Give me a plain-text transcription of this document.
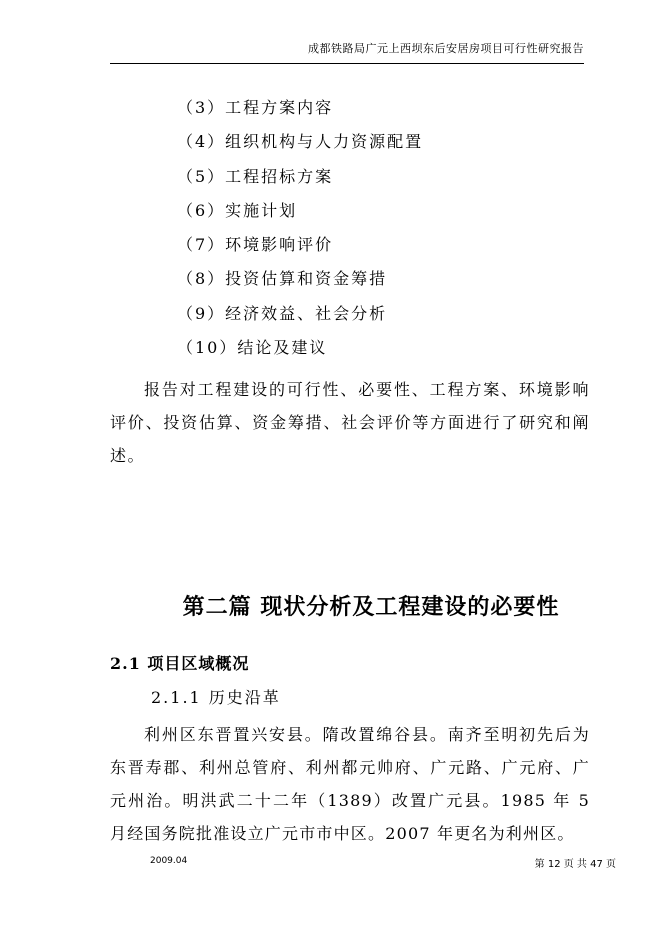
成都铁路局广元上西坝东后安居房项目可行性研究报告
（3）工程方案内容
（4）组织机构与人力资源配置
（5）工程招标方案
（6）实施计划
（7）环境影响评价
（8）投资估算和资金筹措
（9）经济效益、社会分析
（10）结论及建议

报告对工程建设的可行性、必要性、工程方案、环境影响评价、投资估算、资金筹措、社会评价等方面进行了研究和阐述。

第二篇 现状分析及工程建设的必要性
2.1 项目区域概况
2.1.1 历史沿革

利州区东晋置兴安县。隋改置绵谷县。南齐至明初先后为东晋寿郡、利州总管府、利州都元帅府、广元路、广元府、广元州治。明洪武二十二年（1389）改置广元县。1985 年 5 月经国务院批准设立广元市市中区。2007 年更名为利州区。

2009.04	第 12 页 共 47 页
